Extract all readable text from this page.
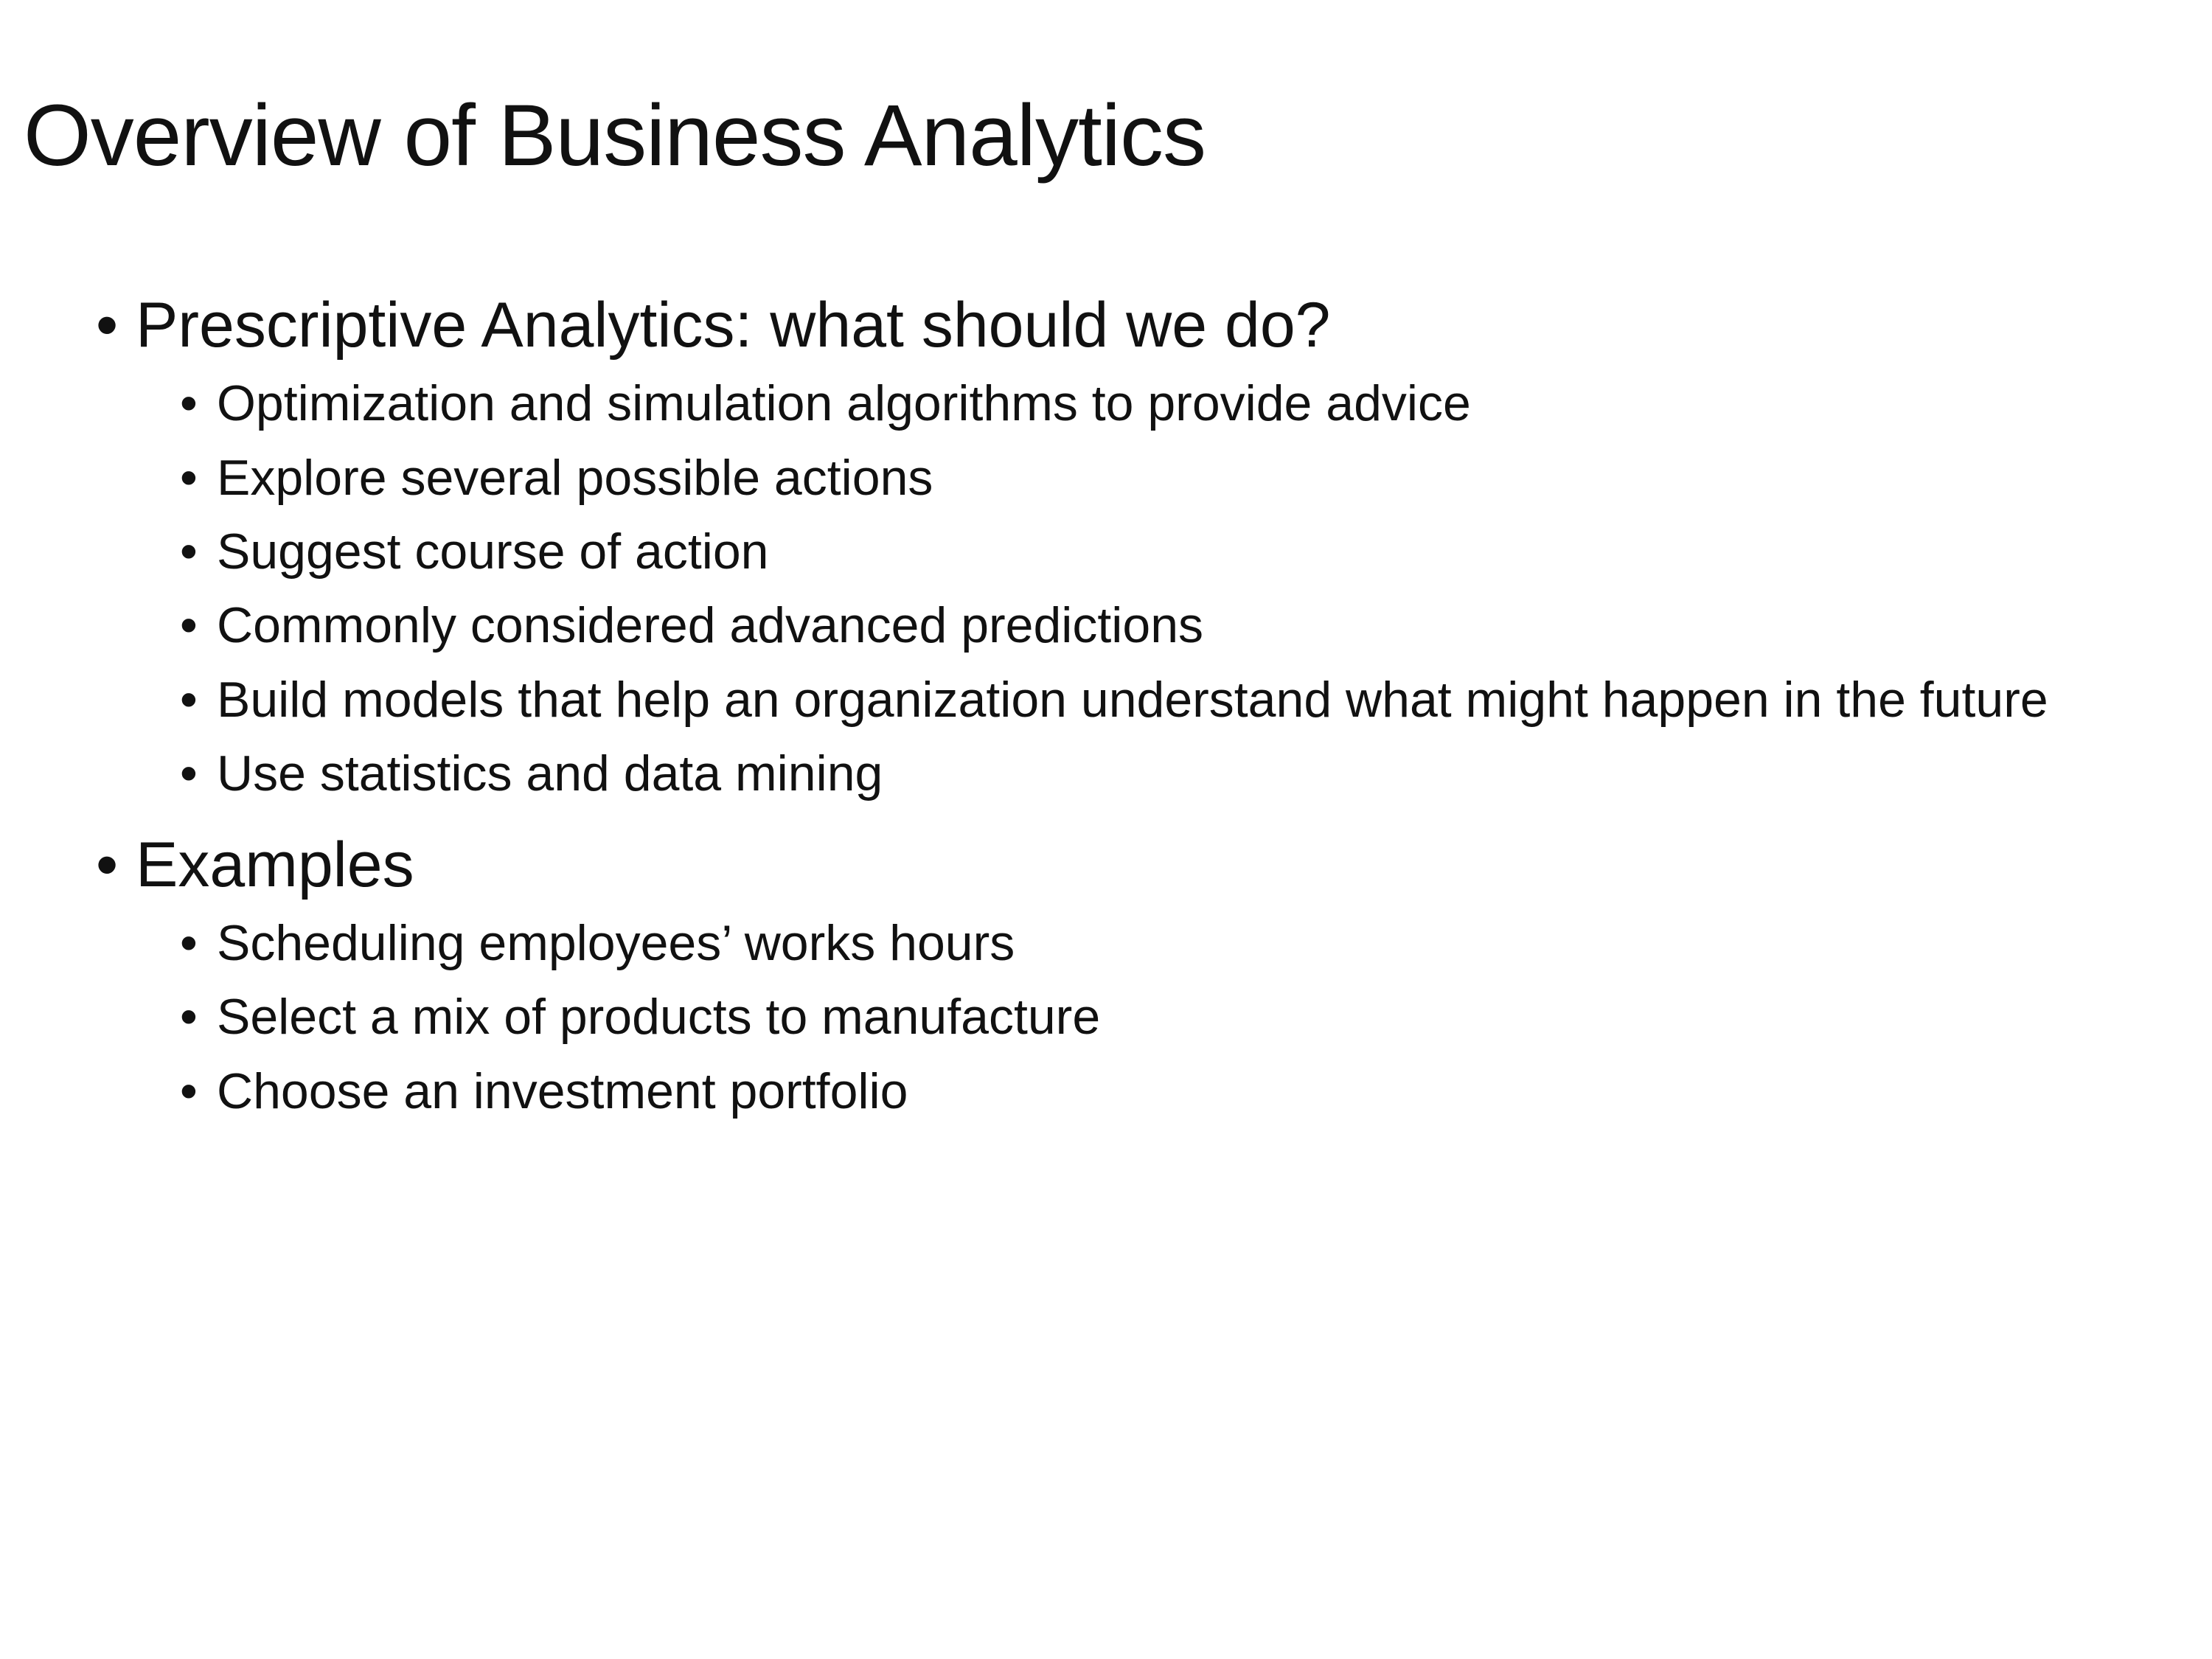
Overview of Business Analytics
• Prescriptive Analytics: what should we do?
• Optimization and simulation algorithms to provide advice
• Explore several possible actions
• Suggest course of action
• Commonly considered advanced predictions
• Build models that help an organization understand what might happen in the future
• Use statistics and data mining
• Examples
• Scheduling employees’ works hours
• Select a mix of products to manufacture
• Choose an investment portfolio
